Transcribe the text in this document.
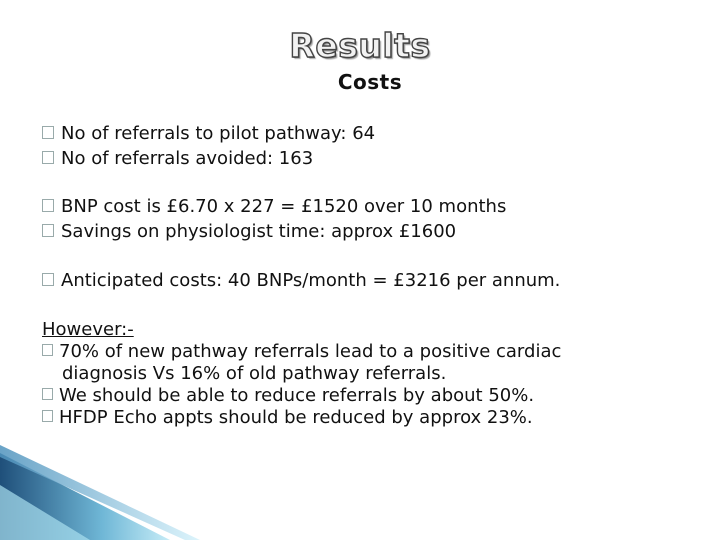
Results
Costs
No of referrals to pilot pathway: 64
No of referrals avoided: 163
BNP cost is £6.70 x 227 = £1520 over 10 months
Savings on physiologist time: approx £1600
Anticipated costs: 40 BNPs/month = £3216 per annum.
However:-
70% of new pathway referrals lead to a positive cardiac
diagnosis Vs 16% of old pathway referrals.
We should be able to reduce referrals by about 50%.
HFDP Echo appts should be reduced by approx 23%.
